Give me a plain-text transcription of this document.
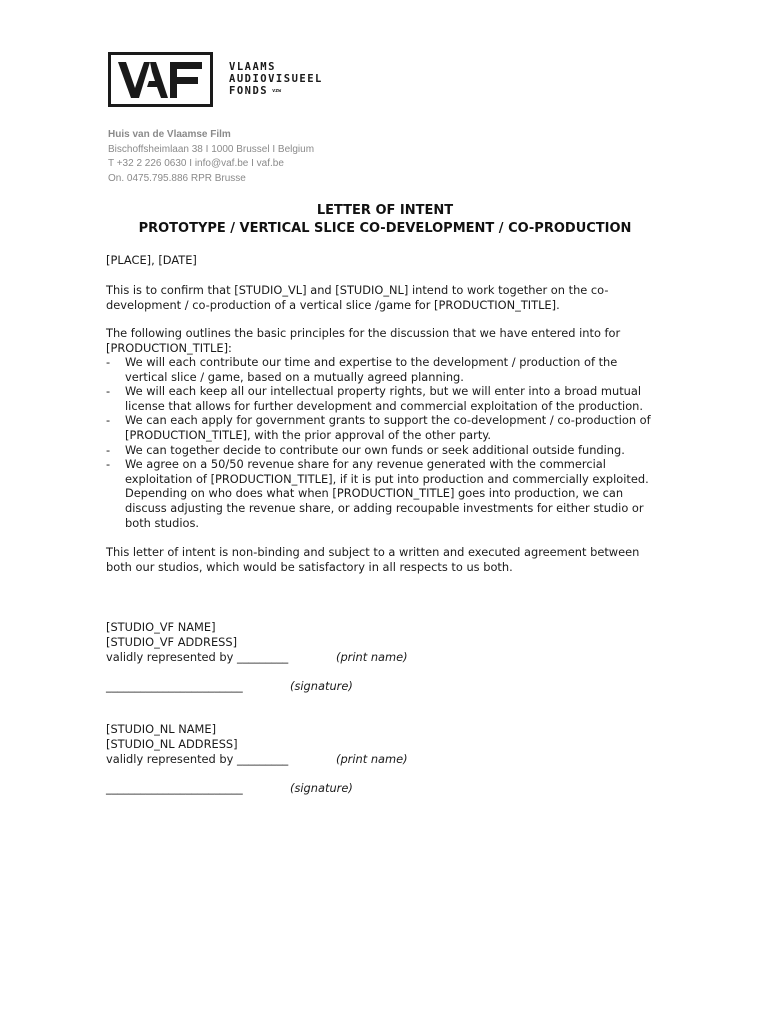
VLAAMS
AUDIOVISUEEL
FONDS vzw
Huis van de Vlaamse Film
Bischoffsheimlaan 38 I 1000 Brussel I Belgium
T +32 2 226 0630 I info@vaf.be I vaf.be
On. 0475.795.886 RPR Brusse
LETTER OF INTENT
PROTOTYPE / VERTICAL SLICE CO-DEVELOPMENT / CO-PRODUCTION
[PLACE], [DATE]
This is to confirm that [STUDIO_VL] and [STUDIO_NL] intend to work together on the co-
development / co-production of a vertical slice /game for [PRODUCTION_TITLE].
The following outlines the basic principles for the discussion that we have entered into for
[PRODUCTION_TITLE]:
- We will each contribute our time and expertise to the development / production of the
vertical slice / game, based on a mutually agreed planning.
- We will each keep all our intellectual property rights, but we will enter into a broad mutual
license that allows for further development and commercial exploitation of the production.
- We can each apply for government grants to support the co-development / co-production of
[PRODUCTION_TITLE], with the prior approval of the other party.
- We can together decide to contribute our own funds or seek additional outside funding.
- We agree on a 50/50 revenue share for any revenue generated with the commercial
exploitation of [PRODUCTION_TITLE], if it is put into production and commercially exploited.
Depending on who does what when [PRODUCTION_TITLE] goes into production, we can
discuss adjusting the revenue share, or adding recoupable investments for either studio or
both studios.
This letter of intent is non-binding and subject to a written and executed agreement between
both our studios, which would be satisfactory in all respects to us both.
[STUDIO_VF NAME]
[STUDIO_VF ADDRESS]
validly represented by _________	(print name)
________________________	(signature)
[STUDIO_NL NAME]
[STUDIO_NL ADDRESS]
validly represented by _________	(print name)
________________________	(signature)
